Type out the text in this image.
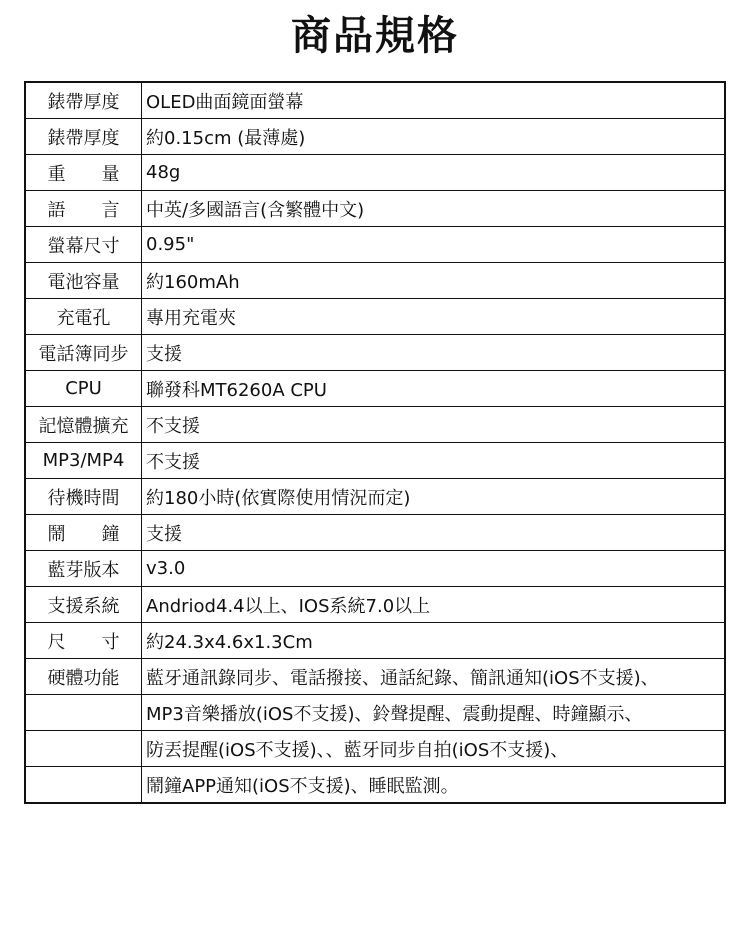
商品規格
錶帶厚度	OLED曲面鏡面螢幕
錶帶厚度	約0.15cm (最薄處)
重　　量	48g
語　　言	中英/多國語言(含繁體中文)
螢幕尺寸	0.95"
電池容量	約160mAh
充電孔	專用充電夾
電話簿同步	支援
CPU	聯發科MT6260A CPU
記憶體擴充	不支援
MP3/MP4	不支援
待機時間	約180小時(依實際使用情況而定)
鬧　　鐘	支援
藍芽版本	v3.0
支援系統	Andriod4.4以上、IOS系統7.0以上
尺　　寸	約24.3x4.6x1.3Cm
硬體功能	藍牙通訊錄同步、電話撥接、通話紀錄、簡訊通知(iOS不支援)、
	MP3音樂播放(iOS不支援)、鈴聲提醒、震動提醒、時鐘顯示、
	防丟提醒(iOS不支援)、、藍牙同步自拍(iOS不支援)、
	鬧鐘APP通知(iOS不支援)、睡眠監測。
